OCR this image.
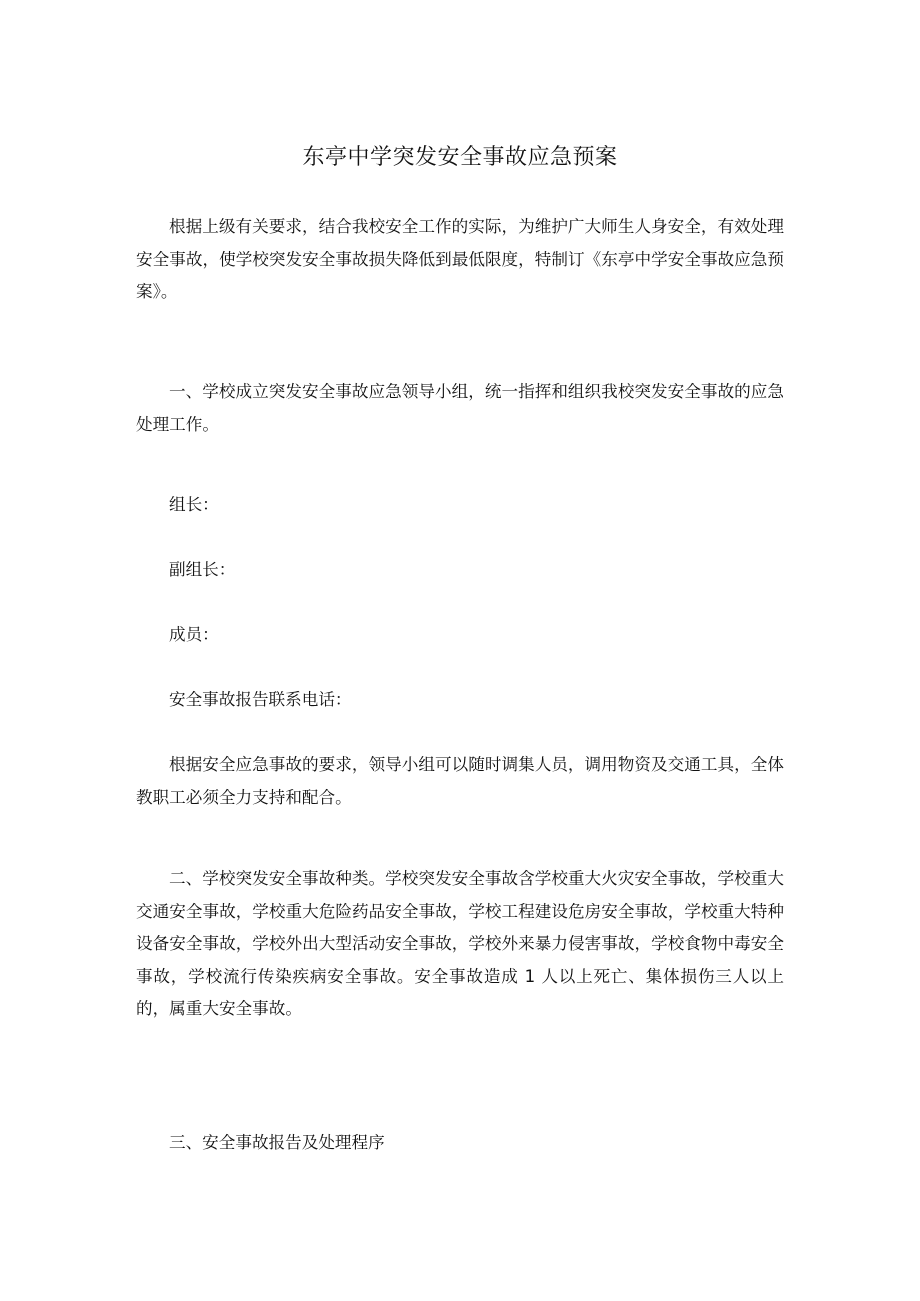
东亭中学突发安全事故应急预案

根据上级有关要求，结合我校安全工作的实际，为维护广大师生人身安全，有效处理安全事故，使学校突发安全事故损失降低到最低限度，特制订《东亭中学安全事故应急预案》。

一、学校成立突发安全事故应急领导小组，统一指挥和组织我校突发安全事故的应急处理工作。

组长：

副组长：

成员：

安全事故报告联系电话：

根据安全应急事故的要求，领导小组可以随时调集人员，调用物资及交通工具，全体教职工必须全力支持和配合。

二、学校突发安全事故种类。学校突发安全事故含学校重大火灾安全事故，学校重大交通安全事故，学校重大危险药品安全事故，学校工程建设危房安全事故，学校重大特种设备安全事故，学校外出大型活动安全事故，学校外来暴力侵害事故，学校食物中毒安全事故，学校流行传染疾病安全事故。安全事故造成 1 人以上死亡、集体损伤三人以上的，属重大安全事故。

三、安全事故报告及处理程序
